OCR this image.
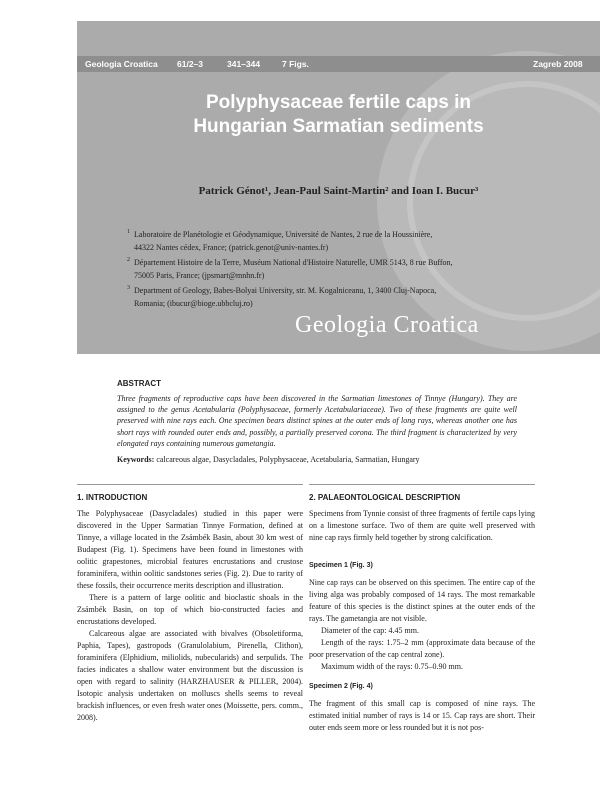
Geologia Croatica 61/2–3	341–344	7 Figs.	Zagreb 2008
Polyphysaceae fertile caps in
Hungarian Sarmatian sediments
Patrick Génot¹, Jean-Paul Saint-Martin² and Ioan I. Bucur³
1 Laboratoire de Planétologie et Géodynamique, Université de Nantes, 2 rue de la Houssinière,
44322 Nantes cédex, France; (patrick.genot@univ-nantes.fr)
2 Département Histoire de la Terre, Muséum National d'Histoire Naturelle, UMR 5143, 8 rue Buffon,
75005 Paris, France; (jpsmart@mnhn.fr)
3 Department of Geology, Babes-Bolyai University, str. M. Kogalniceanu, 1, 3400 Cluj-Napoca,
Romania; (ibucur@bioge.ubbcluj.ro)
Geologia Croatica
ABSTRACT
Three fragments of reproductive caps have been discovered in the Sarmatian limestones of Tinnye (Hungary). They are assigned to the genus Acetabularia (Polyphysaceae, formerly Acetabulariaceae). Two of these fragments are quite well preserved with nine rays each. One specimen bears distinct spines at the outer ends of long rays, whereas another one has short rays with rounded outer ends and, possibly, a partially preserved corona. The third fragment is characterized by very elongated rays containing numerous gametangia.
Keywords: calcareous algae, Dasycladales, Polyphysaceae, Acetabularia, Sarmatian, Hungary
1. INTRODUCTION

The Polyphysaceae (Dasycladales) studied in this paper were discovered in the Upper Sarmatian Tinnye Formation, defined at Tinnye, a village located in the Zsámbék Basin, about 30 km west of Budapest (Fig. 1). Specimens have been found in limestones with oolitic grapestones, microbial features encrustations and crustose foraminifera, within oolitic sandstones series (Fig. 2). Due to rarity of these fossils, their occurrence merits description and illustration.

There is a pattern of large oolitic and bioclastic shoals in the Zsámbék Basin, on top of which bio-constructed facies and encrustations developed.

Calcareous algae are associated with bivalves (Obsoletiforma, Paphia, Tapes), gastropods (Granulolabium, Pirenella, Clithon), foraminifera (Elphidium, miliolids, nubecularids) and serpulids. The facies indicates a shallow water environment but the discussion is open with regard to salinity (HARZHAUSER & PILLER, 2004). Isotopic analysis undertaken on molluscs shells seems to reveal brackish influences, or even fresh water ones (Moissette, pers. comm., 2008).

2. PALAEONTOLOGICAL DESCRIPTION

Specimens from Tynnie consist of three fragments of fertile caps lying on a limestone surface. Two of them are quite well preserved with nine cap rays firmly held together by strong calcification.

Specimen 1 (Fig. 3)

Nine cap rays can be observed on this specimen. The entire cap of the living alga was probably composed of 14 rays. The most remarkable feature of this species is the distinct spines at the outer ends of the rays. The gametangia are not visible.

Diameter of the cap: 4.45 mm.

Length of the rays: 1.75–2 mm (approximate data because of the poor preservation of the cap central zone).

Maximum width of the rays: 0.75–0.90 mm.

Specimen 2 (Fig. 4)

The fragment of this small cap is composed of nine rays. The estimated initial number of rays is 14 or 15. Cap rays are short. Their outer ends seem more or less rounded but it is not pos-
